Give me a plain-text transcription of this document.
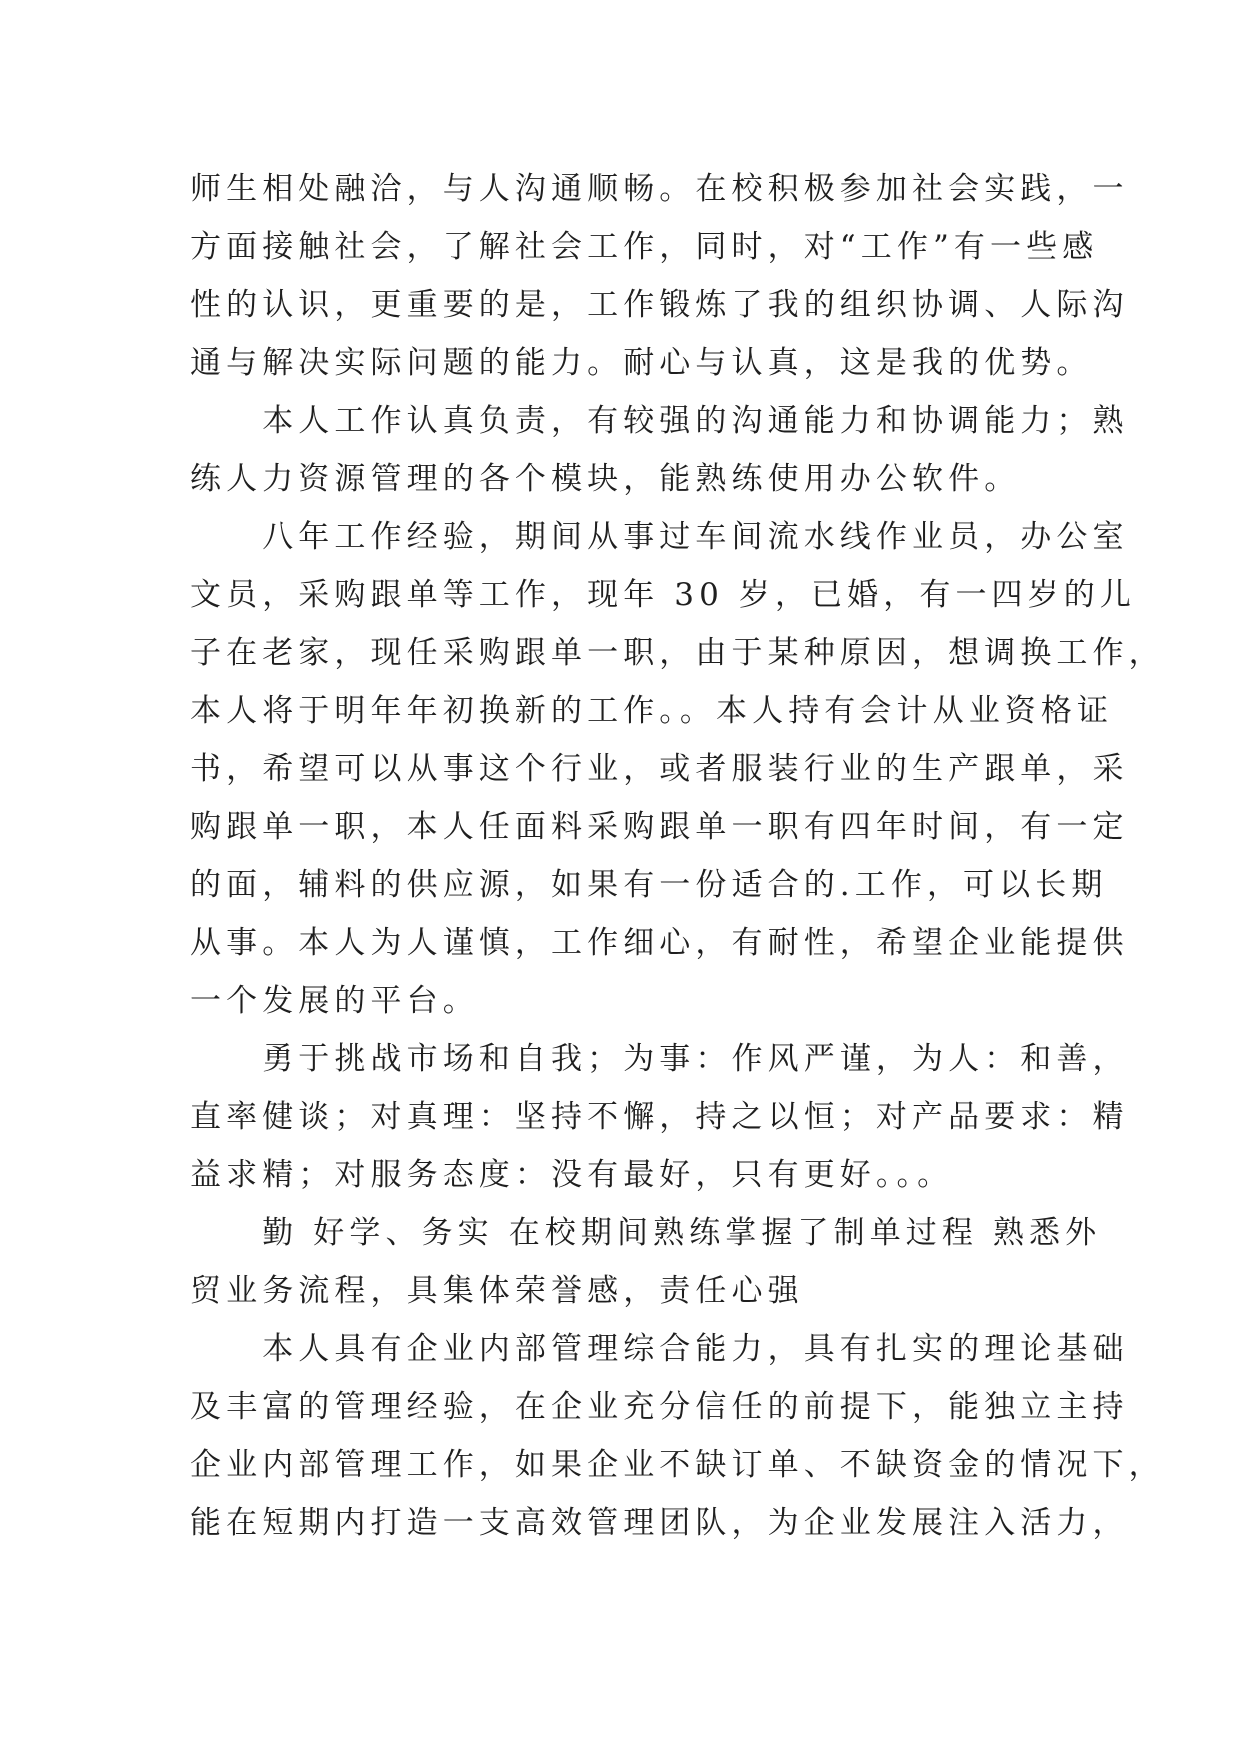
师生相处融洽，与人沟通顺畅。在校积极参加社会实践，一
方面接触社会，了解社会工作，同时，对“工作”有一些感
性的认识，更重要的是，工作锻炼了我的组织协调、人际沟
通与解决实际问题的能力。耐心与认真，这是我的优势。
　　本人工作认真负责，有较强的沟通能力和协调能力；熟
练人力资源管理的各个模块，能熟练使用办公软件。
　　八年工作经验，期间从事过车间流水线作业员，办公室
文员，采购跟单等工作，现年 30 岁，已婚，有一四岁的儿
子在老家，现任采购跟单一职，由于某种原因，想调换工作，
本人将于明年年初换新的工作。。本人持有会计从业资格证
书，希望可以从事这个行业，或者服装行业的生产跟单，采
购跟单一职，本人任面料采购跟单一职有四年时间，有一定
的面，辅料的供应源，如果有一份适合的.工作，可以长期
从事。本人为人谨慎，工作细心，有耐性，希望企业能提供
一个发展的平台。
　　勇于挑战市场和自我；为事：作风严谨，为人：和善，
直率健谈；对真理：坚持不懈，持之以恒；对产品要求：精
益求精；对服务态度：没有最好，只有更好。。。
　　勤 好学、务实 在校期间熟练掌握了制单过程 熟悉外
贸业务流程，具集体荣誉感，责任心强
　　本人具有企业内部管理综合能力，具有扎实的理论基础
及丰富的管理经验，在企业充分信任的前提下，能独立主持
企业内部管理工作，如果企业不缺订单、不缺资金的情况下，
能在短期内打造一支高效管理团队，为企业发展注入活力，
